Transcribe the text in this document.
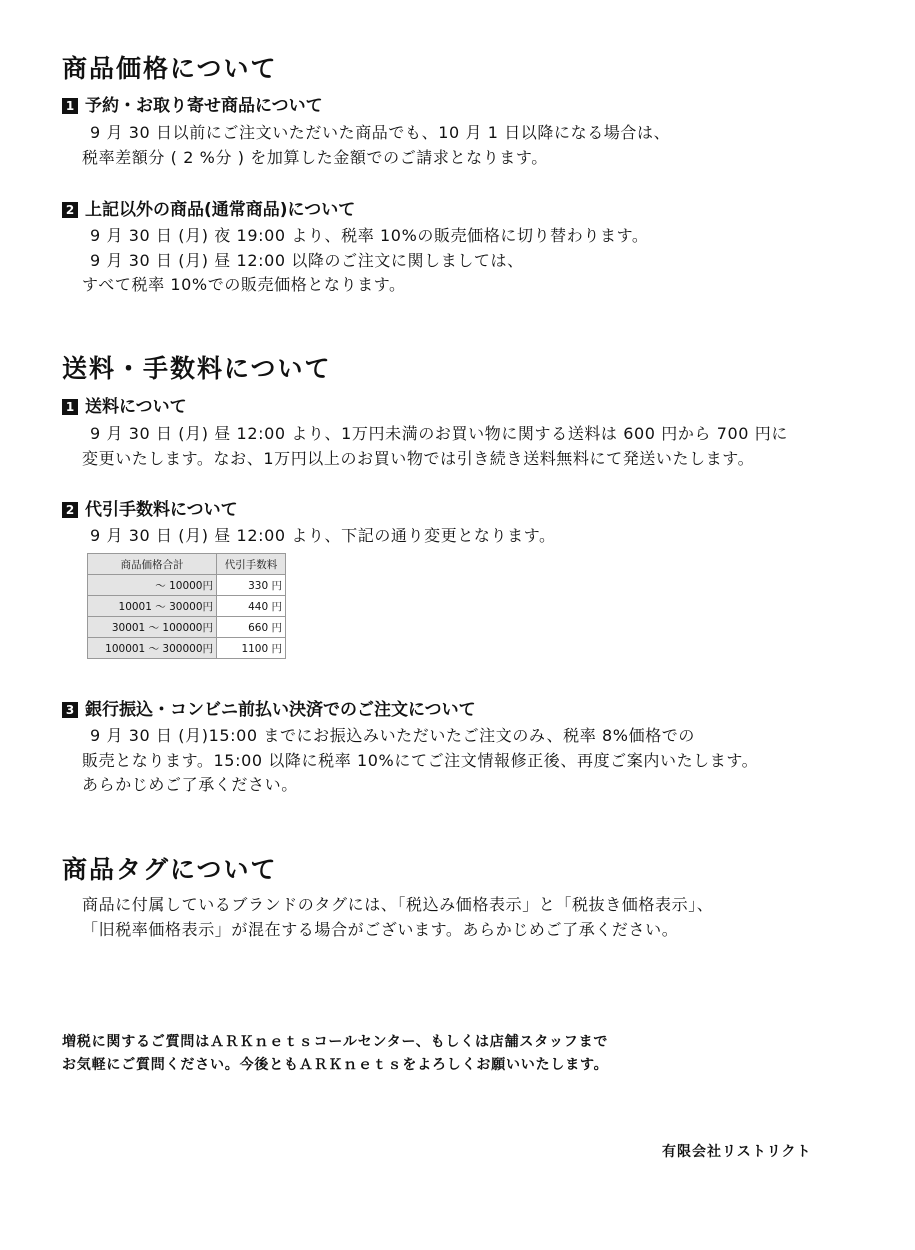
商品価格について
1 予約・お取り寄せ商品について

9 月 30 日以前にご注文いただいた商品でも、10 月 1 日以降になる場合は、
税率差額分 ( 2 %分 ) を加算した金額でのご請求となります。

2 上記以外の商品(通常商品)について

9 月 30 日 (月) 夜 19:00 より、税率 10%の販売価格に切り替わります。
9 月 30 日 (月) 昼 12:00 以降のご注文に関しましては、
すべて税率 10%での販売価格となります。

送料・手数料について
1 送料について

9 月 30 日 (月) 昼 12:00 より、1万円未満のお買い物に関する送料は 600 円から 700 円に
変更いたします。なお、1万円以上のお買い物では引き続き送料無料にて発送いたします。

2 代引手数料について

9 月 30 日 (月) 昼 12:00 より、下記の通り変更となります。

商品価格合計	代引手数料
～ 10000円	330 円
10001 ～ 30000円	440 円
30001 ～ 100000円	660 円
100001 ～ 300000円	1100 円
3 銀行振込・コンビニ前払い決済でのご注文について

9 月 30 日 (月)15:00 までにお振込みいただいたご注文のみ、税率 8%価格での
販売となります。15:00 以降に税率 10%にてご注文情報修正後、再度ご案内いたします。
あらかじめご了承ください。

商品タグについて

商品に付属しているブランドのタグには、「税込み価格表示」と「税抜き価格表示」、
「旧税率価格表示」が混在する場合がございます。あらかじめご了承ください。

増税に関するご質問はＡＲＫｎｅｔｓコールセンター、もしくは店舗スタッフまで
お気軽にご質問ください。今後ともＡＲＫｎｅｔｓをよろしくお願いいたします。

有限会社リストリクト
